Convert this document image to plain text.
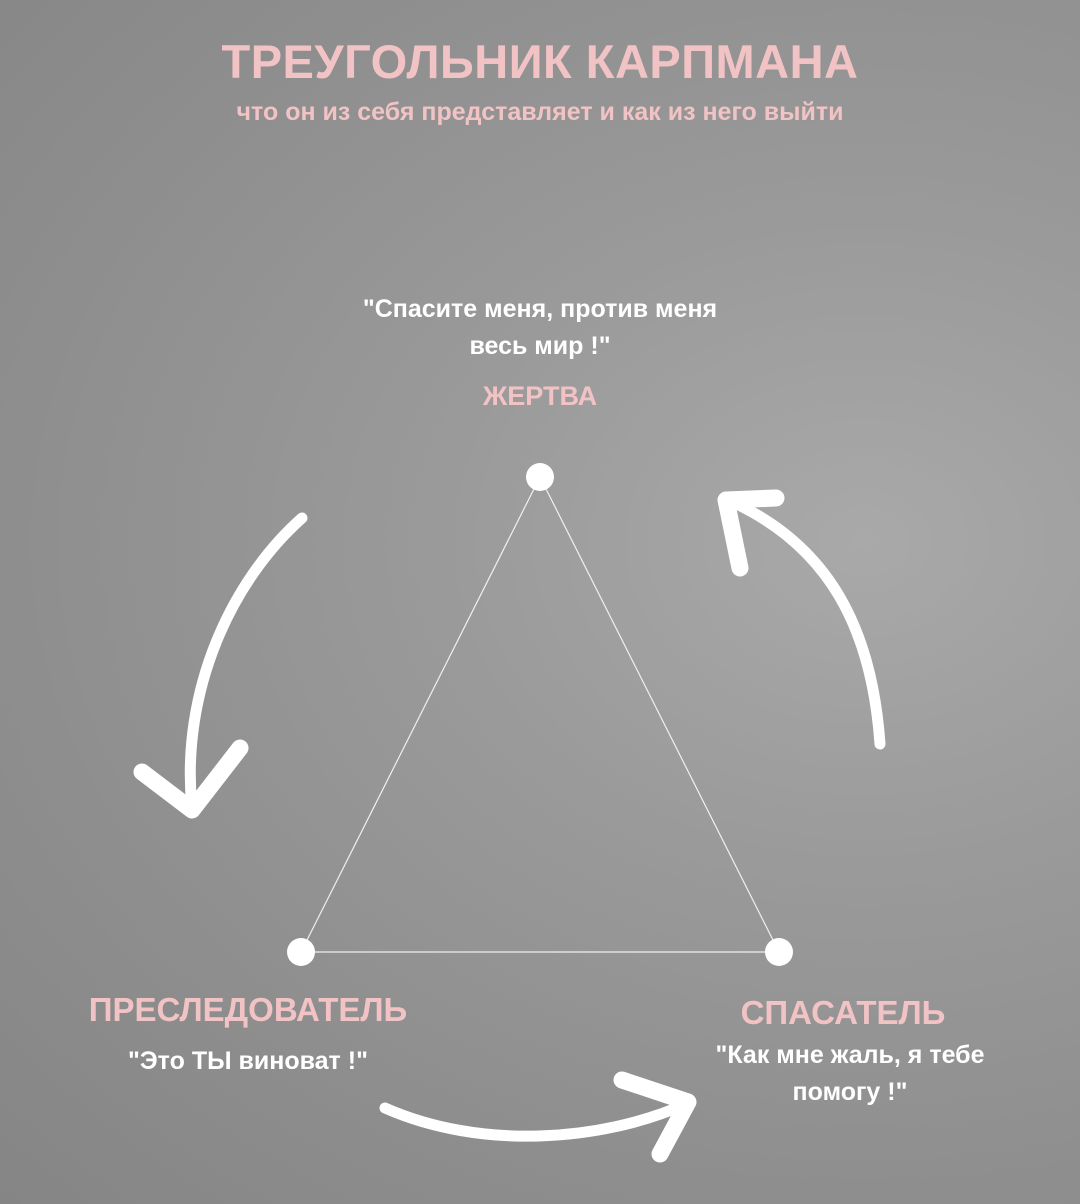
ТРЕУГОЛЬНИК КАРПМАНА
что он из себя представляет и как из него выйти
"Спасите меня, против меня весь мир !"
ЖЕРТВА
ПРЕСЛЕДОВАТЕЛЬ
"Это ТЫ виноват !"
СПАСАТЕЛЬ
"Как мне жаль, я тебе помогу !"
